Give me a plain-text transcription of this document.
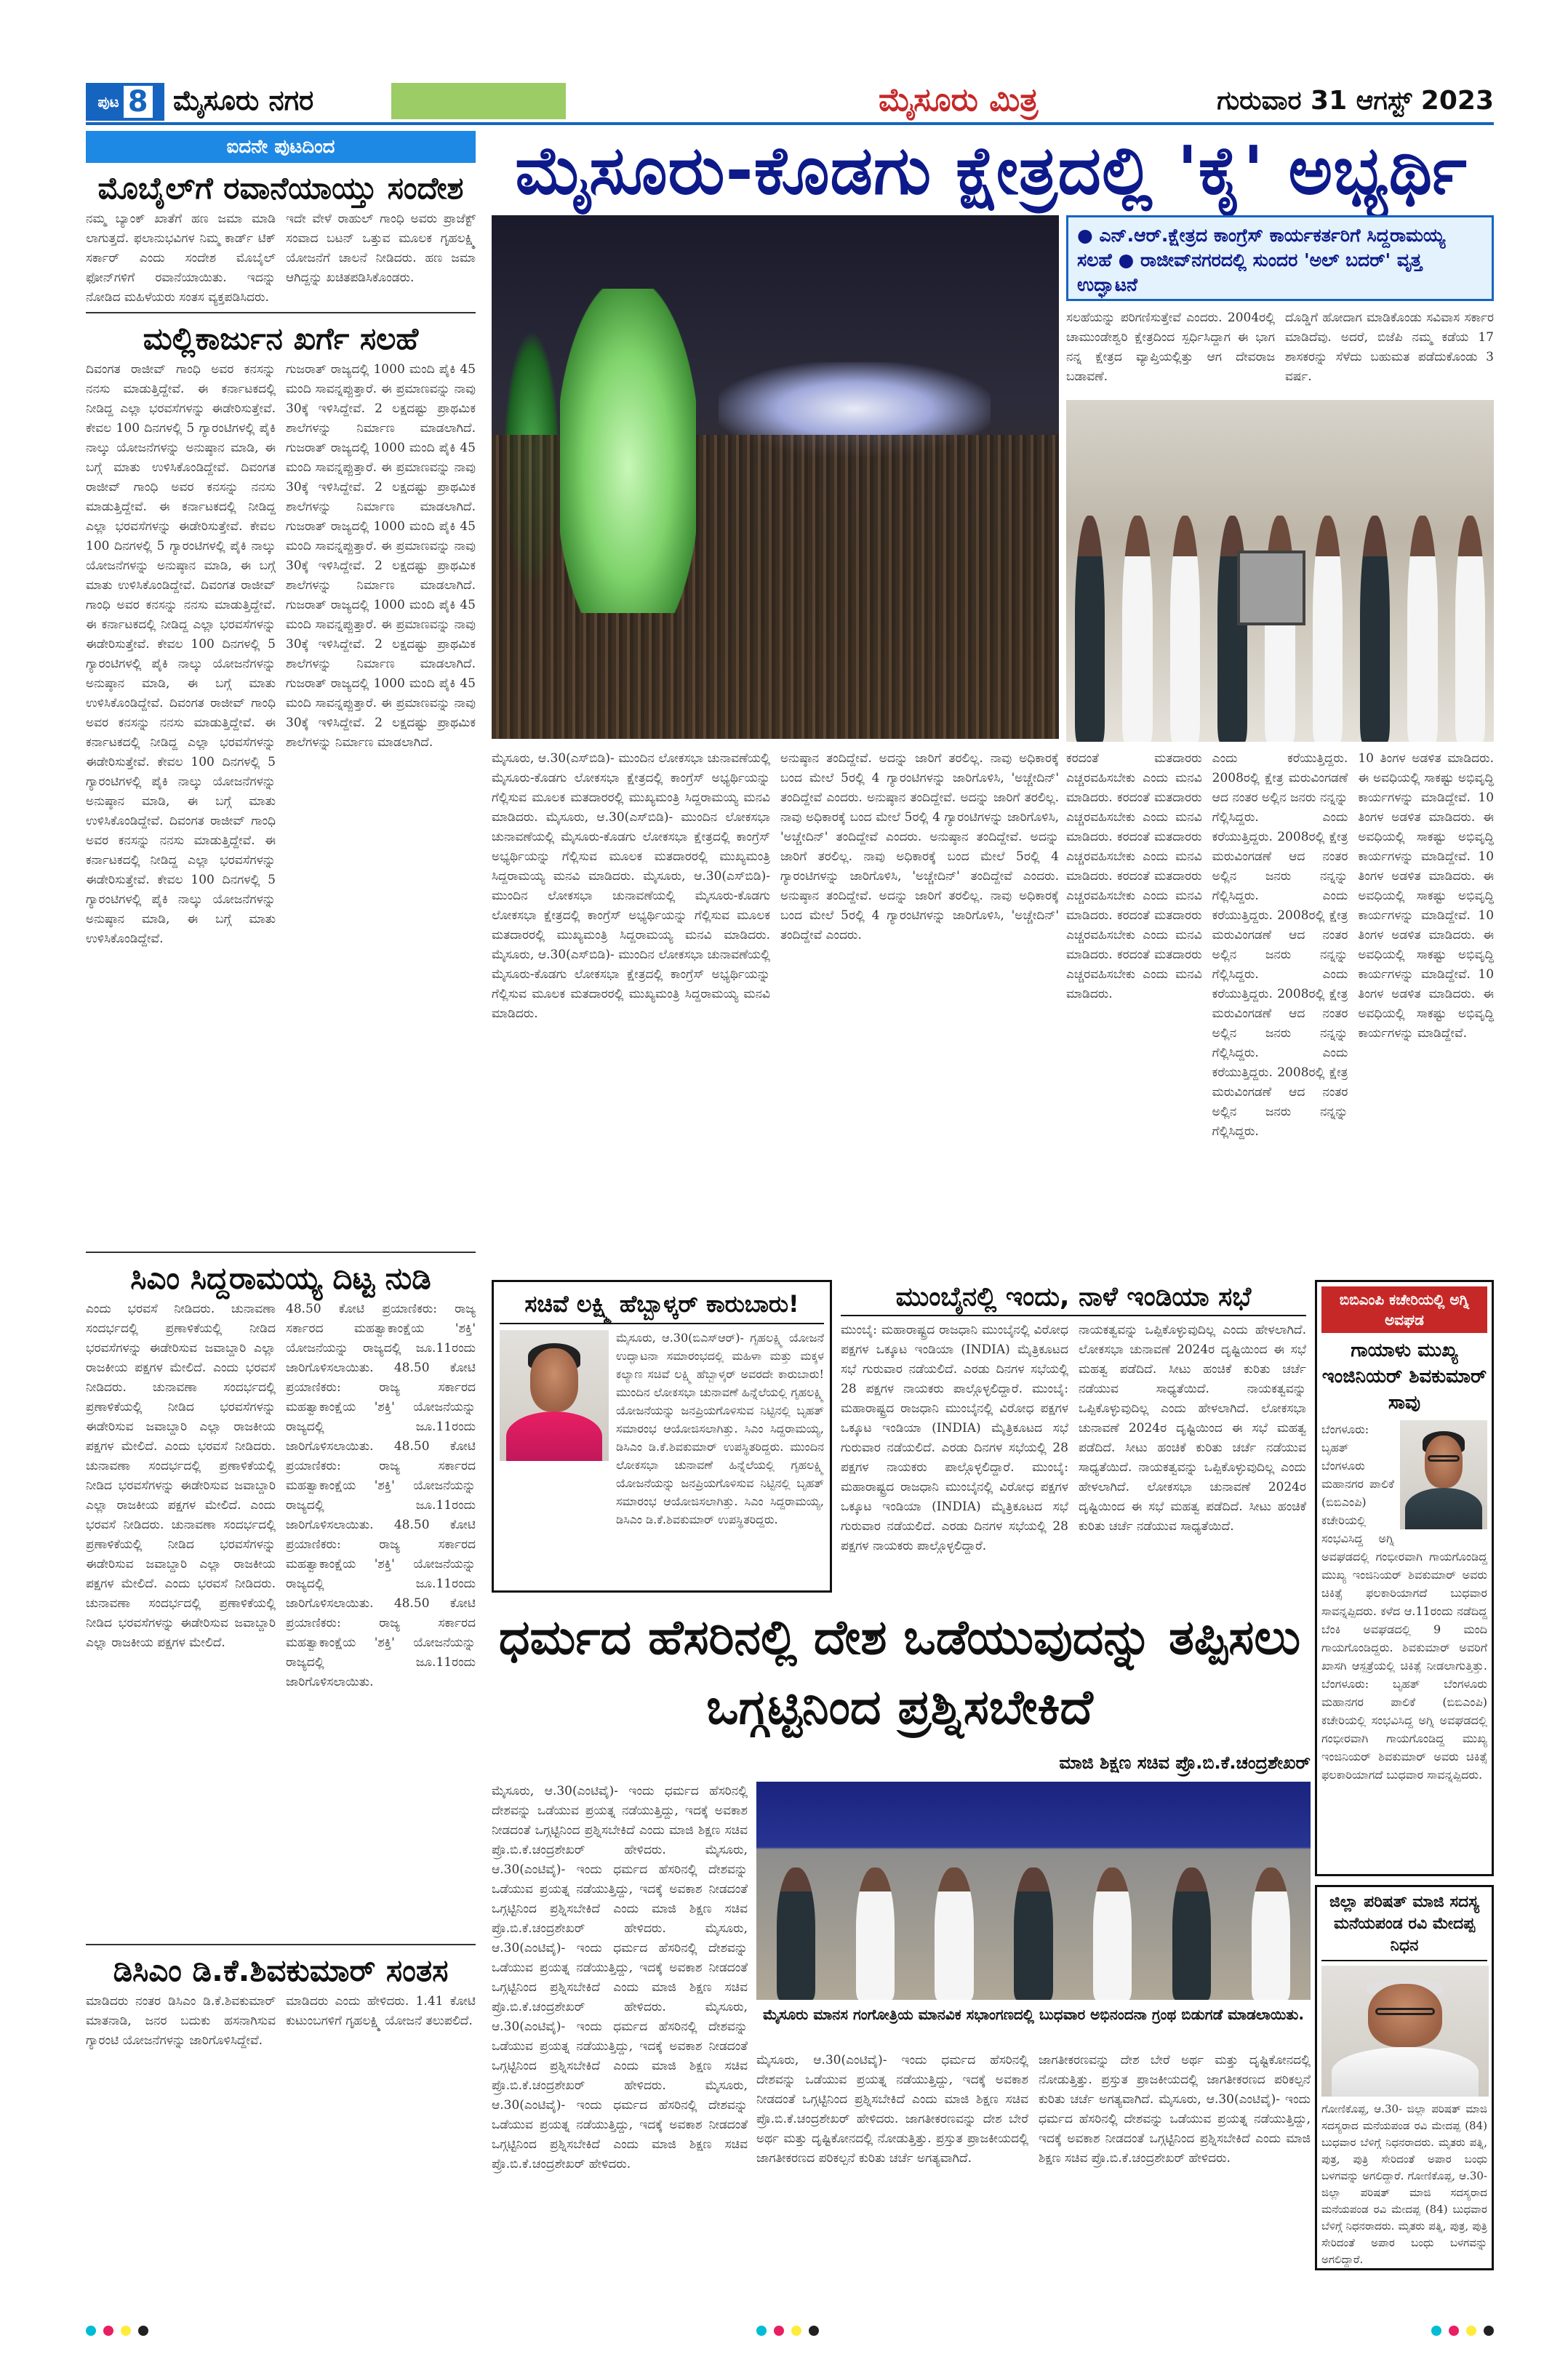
ಪುಟ 8 ಮೈಸೂರು ನಗರ	ಮೈಸೂರು ಮಿತ್ರ	ಗುರುವಾರ 31 ಆಗಸ್ಟ್ 2023
ಐದನೇ ಪುಟದಿಂದ
ಮೊಬೈಲ್‌ಗೆ ರವಾನೆಯಾಯ್ತು ಸಂದೇಶ
ನಮ್ಮ ಬ್ಯಾಂಕ್ ಖಾತೆಗೆ ಹಣ ಜಮಾ ಮಾಡಿ ಲಾಗುತ್ತದೆ. ಫಲಾನುಭವಿಗಳ ನಿಮ್ಮ ಕಾರ್ಡ್‌ ಟಿಕ್ ಸರ್ಕಾರ್ ಎಂದು ಸಂದೇಶ ಮೊಬೈಲ್ ಫೋನ್‌ಗಳಿಗೆ ರವಾನೆಯಾಯಿತು. ಇದನ್ನು ನೋಡಿದ ಮಹಿಳೆಯರು ಸಂತಸ ವ್ಯಕ್ತಪಡಿಸಿದರು.
ಇದೇ ವೇಳೆ ರಾಹುಲ್ ಗಾಂಧಿ ಅವರು ಪ್ರಾಜೆಕ್ಟ್ ಸಂವಾದ ಬಟನ್ ಒತ್ತುವ ಮೂಲಕ ಗೃಹಲಕ್ಷ್ಮಿ ಯೋಜನೆಗೆ ಚಾಲನೆ ನೀಡಿದರು. ಹಣ ಜಮಾ ಆಗಿದ್ದನ್ನು ಖಚಿತಪಡಿಸಿಕೊಂಡರು.
ಮಲ್ಲಿಕಾರ್ಜುನ ಖರ್ಗೆ ಸಲಹೆ
ದಿವಂಗತ ರಾಜೀವ್ ಗಾಂಧಿ ಅವರ ಕನಸನ್ನು ನನಸು ಮಾಡುತ್ತಿದ್ದೇವೆ. ಈ ಕರ್ನಾಟಕದಲ್ಲಿ ನೀಡಿದ್ದ ಎಲ್ಲಾ ಭರವಸೆಗಳನ್ನು ಈಡೇರಿಸುತ್ತೇವೆ. ಕೇವಲ 100 ದಿನಗಳಲ್ಲಿ 5 ಗ್ಯಾರಂಟಿಗಳಲ್ಲಿ ಪೈಕಿ ನಾಲ್ಕು ಯೋಜನೆಗಳನ್ನು ಅನುಷ್ಠಾನ ಮಾಡಿ, ಈ ಬಗ್ಗೆ ಮಾತು ಉಳಿಸಿಕೊಂಡಿದ್ದೇವೆ. ದಿವಂಗತ ರಾಜೀವ್ ಗಾಂಧಿ ಅವರ ಕನಸನ್ನು ನನಸು ಮಾಡುತ್ತಿದ್ದೇವೆ. ಈ ಕರ್ನಾಟಕದಲ್ಲಿ ನೀಡಿದ್ದ ಎಲ್ಲಾ ಭರವಸೆಗಳನ್ನು ಈಡೇರಿಸುತ್ತೇವೆ. ಕೇವಲ 100 ದಿನಗಳಲ್ಲಿ 5 ಗ್ಯಾರಂಟಿಗಳಲ್ಲಿ ಪೈಕಿ ನಾಲ್ಕು ಯೋಜನೆಗಳನ್ನು ಅನುಷ್ಠಾನ ಮಾಡಿ, ಈ ಬಗ್ಗೆ ಮಾತು ಉಳಿಸಿಕೊಂಡಿದ್ದೇವೆ. ದಿವಂಗತ ರಾಜೀವ್ ಗಾಂಧಿ ಅವರ ಕನಸನ್ನು ನನಸು ಮಾಡುತ್ತಿದ್ದೇವೆ. ಈ ಕರ್ನಾಟಕದಲ್ಲಿ ನೀಡಿದ್ದ ಎಲ್ಲಾ ಭರವಸೆಗಳನ್ನು ಈಡೇರಿಸುತ್ತೇವೆ. ಕೇವಲ 100 ದಿನಗಳಲ್ಲಿ 5 ಗ್ಯಾರಂಟಿಗಳಲ್ಲಿ ಪೈಕಿ ನಾಲ್ಕು ಯೋಜನೆಗಳನ್ನು ಅನುಷ್ಠಾನ ಮಾಡಿ, ಈ ಬಗ್ಗೆ ಮಾತು ಉಳಿಸಿಕೊಂಡಿದ್ದೇವೆ. ದಿವಂಗತ ರಾಜೀವ್ ಗಾಂಧಿ ಅವರ ಕನಸನ್ನು ನನಸು ಮಾಡುತ್ತಿದ್ದೇವೆ. ಈ ಕರ್ನಾಟಕದಲ್ಲಿ ನೀಡಿದ್ದ ಎಲ್ಲಾ ಭರವಸೆಗಳನ್ನು ಈಡೇರಿಸುತ್ತೇವೆ. ಕೇವಲ 100 ದಿನಗಳಲ್ಲಿ 5 ಗ್ಯಾರಂಟಿಗಳಲ್ಲಿ ಪೈಕಿ ನಾಲ್ಕು ಯೋಜನೆಗಳನ್ನು ಅನುಷ್ಠಾನ ಮಾಡಿ, ಈ ಬಗ್ಗೆ ಮಾತು ಉಳಿಸಿಕೊಂಡಿದ್ದೇವೆ. ದಿವಂಗತ ರಾಜೀವ್ ಗಾಂಧಿ ಅವರ ಕನಸನ್ನು ನನಸು ಮಾಡುತ್ತಿದ್ದೇವೆ. ಈ ಕರ್ನಾಟಕದಲ್ಲಿ ನೀಡಿದ್ದ ಎಲ್ಲಾ ಭರವಸೆಗಳನ್ನು ಈಡೇರಿಸುತ್ತೇವೆ. ಕೇವಲ 100 ದಿನಗಳಲ್ಲಿ 5 ಗ್ಯಾರಂಟಿಗಳಲ್ಲಿ ಪೈಕಿ ನಾಲ್ಕು ಯೋಜನೆಗಳನ್ನು ಅನುಷ್ಠಾನ ಮಾಡಿ, ಈ ಬಗ್ಗೆ ಮಾತು ಉಳಿಸಿಕೊಂಡಿದ್ದೇವೆ.
ಗುಜರಾತ್ ರಾಜ್ಯದಲ್ಲಿ 1000 ಮಂದಿ ಪೈಕಿ 45 ಮಂದಿ ಸಾವನ್ನಪ್ಪುತ್ತಾರೆ. ಈ ಪ್ರಮಾಣವನ್ನು ನಾವು 30ಕ್ಕೆ ಇಳಿಸಿದ್ದೇವೆ. 2 ಲಕ್ಷದಷ್ಟು ಪ್ರಾಥಮಿಕ ಶಾಲೆಗಳನ್ನು ನಿರ್ಮಾಣ ಮಾಡಲಾಗಿದೆ. ಗುಜರಾತ್ ರಾಜ್ಯದಲ್ಲಿ 1000 ಮಂದಿ ಪೈಕಿ 45 ಮಂದಿ ಸಾವನ್ನಪ್ಪುತ್ತಾರೆ. ಈ ಪ್ರಮಾಣವನ್ನು ನಾವು 30ಕ್ಕೆ ಇಳಿಸಿದ್ದೇವೆ. 2 ಲಕ್ಷದಷ್ಟು ಪ್ರಾಥಮಿಕ ಶಾಲೆಗಳನ್ನು ನಿರ್ಮಾಣ ಮಾಡಲಾಗಿದೆ. ಗುಜರಾತ್ ರಾಜ್ಯದಲ್ಲಿ 1000 ಮಂದಿ ಪೈಕಿ 45 ಮಂದಿ ಸಾವನ್ನಪ್ಪುತ್ತಾರೆ. ಈ ಪ್ರಮಾಣವನ್ನು ನಾವು 30ಕ್ಕೆ ಇಳಿಸಿದ್ದೇವೆ. 2 ಲಕ್ಷದಷ್ಟು ಪ್ರಾಥಮಿಕ ಶಾಲೆಗಳನ್ನು ನಿರ್ಮಾಣ ಮಾಡಲಾಗಿದೆ. ಗುಜರಾತ್ ರಾಜ್ಯದಲ್ಲಿ 1000 ಮಂದಿ ಪೈಕಿ 45 ಮಂದಿ ಸಾವನ್ನಪ್ಪುತ್ತಾರೆ. ಈ ಪ್ರಮಾಣವನ್ನು ನಾವು 30ಕ್ಕೆ ಇಳಿಸಿದ್ದೇವೆ. 2 ಲಕ್ಷದಷ್ಟು ಪ್ರಾಥಮಿಕ ಶಾಲೆಗಳನ್ನು ನಿರ್ಮಾಣ ಮಾಡಲಾಗಿದೆ. ಗುಜರಾತ್ ರಾಜ್ಯದಲ್ಲಿ 1000 ಮಂದಿ ಪೈಕಿ 45 ಮಂದಿ ಸಾವನ್ನಪ್ಪುತ್ತಾರೆ. ಈ ಪ್ರಮಾಣವನ್ನು ನಾವು 30ಕ್ಕೆ ಇಳಿಸಿದ್ದೇವೆ. 2 ಲಕ್ಷದಷ್ಟು ಪ್ರಾಥಮಿಕ ಶಾಲೆಗಳನ್ನು ನಿರ್ಮಾಣ ಮಾಡಲಾಗಿದೆ.
ಸಿಎಂ ಸಿದ್ದರಾಮಯ್ಯ ದಿಟ್ಟ ನುಡಿ
ಎಂದು ಭರವಸೆ ನೀಡಿದರು. ಚುನಾವಣಾ ಸಂದರ್ಭದಲ್ಲಿ ಪ್ರಣಾಳಿಕೆಯಲ್ಲಿ ನೀಡಿದ ಭರವಸೆಗಳನ್ನು ಈಡೇರಿಸುವ ಜವಾಬ್ದಾರಿ ಎಲ್ಲಾ ರಾಜಕೀಯ ಪಕ್ಷಗಳ ಮೇಲಿದೆ. ಎಂದು ಭರವಸೆ ನೀಡಿದರು. ಚುನಾವಣಾ ಸಂದರ್ಭದಲ್ಲಿ ಪ್ರಣಾಳಿಕೆಯಲ್ಲಿ ನೀಡಿದ ಭರವಸೆಗಳನ್ನು ಈಡೇರಿಸುವ ಜವಾಬ್ದಾರಿ ಎಲ್ಲಾ ರಾಜಕೀಯ ಪಕ್ಷಗಳ ಮೇಲಿದೆ. ಎಂದು ಭರವಸೆ ನೀಡಿದರು. ಚುನಾವಣಾ ಸಂದರ್ಭದಲ್ಲಿ ಪ್ರಣಾಳಿಕೆಯಲ್ಲಿ ನೀಡಿದ ಭರವಸೆಗಳನ್ನು ಈಡೇರಿಸುವ ಜವಾಬ್ದಾರಿ ಎಲ್ಲಾ ರಾಜಕೀಯ ಪಕ್ಷಗಳ ಮೇಲಿದೆ. ಎಂದು ಭರವಸೆ ನೀಡಿದರು. ಚುನಾವಣಾ ಸಂದರ್ಭದಲ್ಲಿ ಪ್ರಣಾಳಿಕೆಯಲ್ಲಿ ನೀಡಿದ ಭರವಸೆಗಳನ್ನು ಈಡೇರಿಸುವ ಜವಾಬ್ದಾರಿ ಎಲ್ಲಾ ರಾಜಕೀಯ ಪಕ್ಷಗಳ ಮೇಲಿದೆ. ಎಂದು ಭರವಸೆ ನೀಡಿದರು. ಚುನಾವಣಾ ಸಂದರ್ಭದಲ್ಲಿ ಪ್ರಣಾಳಿಕೆಯಲ್ಲಿ ನೀಡಿದ ಭರವಸೆಗಳನ್ನು ಈಡೇರಿಸುವ ಜವಾಬ್ದಾರಿ ಎಲ್ಲಾ ರಾಜಕೀಯ ಪಕ್ಷಗಳ ಮೇಲಿದೆ.
48.50 ಕೋಟಿ ಪ್ರಯಾಣಿಕರು: ರಾಜ್ಯ ಸರ್ಕಾರದ ಮಹತ್ವಾಕಾಂಕ್ಷೆಯ 'ಶಕ್ತಿ' ಯೋಜನೆಯನ್ನು ರಾಜ್ಯದಲ್ಲಿ ಜೂ.11ರಂದು ಜಾರಿಗೊಳಿಸಲಾಯಿತು. 48.50 ಕೋಟಿ ಪ್ರಯಾಣಿಕರು: ರಾಜ್ಯ ಸರ್ಕಾರದ ಮಹತ್ವಾಕಾಂಕ್ಷೆಯ 'ಶಕ್ತಿ' ಯೋಜನೆಯನ್ನು ರಾಜ್ಯದಲ್ಲಿ ಜೂ.11ರಂದು ಜಾರಿಗೊಳಿಸಲಾಯಿತು. 48.50 ಕೋಟಿ ಪ್ರಯಾಣಿಕರು: ರಾಜ್ಯ ಸರ್ಕಾರದ ಮಹತ್ವಾಕಾಂಕ್ಷೆಯ 'ಶಕ್ತಿ' ಯೋಜನೆಯನ್ನು ರಾಜ್ಯದಲ್ಲಿ ಜೂ.11ರಂದು ಜಾರಿಗೊಳಿಸಲಾಯಿತು. 48.50 ಕೋಟಿ ಪ್ರಯಾಣಿಕರು: ರಾಜ್ಯ ಸರ್ಕಾರದ ಮಹತ್ವಾಕಾಂಕ್ಷೆಯ 'ಶಕ್ತಿ' ಯೋಜನೆಯನ್ನು ರಾಜ್ಯದಲ್ಲಿ ಜೂ.11ರಂದು ಜಾರಿಗೊಳಿಸಲಾಯಿತು. 48.50 ಕೋಟಿ ಪ್ರಯಾಣಿಕರು: ರಾಜ್ಯ ಸರ್ಕಾರದ ಮಹತ್ವಾಕಾಂಕ್ಷೆಯ 'ಶಕ್ತಿ' ಯೋಜನೆಯನ್ನು ರಾಜ್ಯದಲ್ಲಿ ಜೂ.11ರಂದು ಜಾರಿಗೊಳಿಸಲಾಯಿತು.
ಡಿಸಿಎಂ ಡಿ.ಕೆ.ಶಿವಕುಮಾರ್ ಸಂತಸ
ಮಾಡಿದರು ನಂತರ ಡಿಸಿಎಂ ಡಿ.ಕೆ.ಶಿವಕುಮಾರ್ ಮಾತನಾಡಿ, ಜನರ ಬದುಕು ಹಸನಾಗಿಸುವ ಗ್ಯಾರಂಟಿ ಯೋಜನೆಗಳನ್ನು ಜಾರಿಗೊಳಿಸಿದ್ದೇವೆ.
ಮಾಡಿದರು ಎಂದು ಹೇಳಿದರು. 1.41 ಕೋಟಿ ಕುಟುಂಬಗಳಿಗೆ ಗೃಹಲಕ್ಷ್ಮಿ ಯೋಜನೆ ತಲುಪಲಿದೆ.
ಮೈಸೂರು-ಕೊಡಗು ಕ್ಷೇತ್ರದಲ್ಲಿ 'ಕೈ' ಅಭ್ಯರ್ಥಿ

● ಎನ್.ಆರ್.ಕ್ಷೇತ್ರದ ಕಾಂಗ್ರೆಸ್ ಕಾರ್ಯಕರ್ತರಿಗೆ ಸಿದ್ದರಾಮಯ್ಯ ಸಲಹೆ ● ರಾಜೀವ್‌ನಗರದಲ್ಲಿ ಸುಂದರ 'ಅಲ್ ಬದರ್' ವೃತ್ತ ಉದ್ಘಾಟನೆ

ಸಲಹೆಯನ್ನು ಪರಿಗಣಿಸುತ್ತೇವೆ ಎಂದರು. 2004ರಲ್ಲಿ ಚಾಮುಂಡೇಶ್ವರಿ ಕ್ಷೇತ್ರದಿಂದ ಸ್ಪರ್ಧಿಸಿದ್ದಾಗ ಈ ಭಾಗ ನನ್ನ ಕ್ಷೇತ್ರದ ವ್ಯಾಪ್ತಿಯಲ್ಲಿತ್ತು ಆಗ ದೇವರಾಜ ಬಡಾವಣೆ.
ದೊಡ್ಡಿಗೆ ಹೋದಾಗ ಮಾಡಿಕೊಂಡು ಸವಿವಾಸ ಸರ್ಕಾರ ಮಾಡಿದೆವು. ಅದರೆ, ಬಿಜೆಪಿ ನಮ್ಮ ಕಡೆಯ 17 ಶಾಸಕರನ್ನು ಸೆಳೆದು ಬಹುಮತ ಪಡೆದುಕೊಂಡು 3 ವರ್ಷ.
ಮೈಸೂರು, ಆ.30(ಎಸ್‌ಬಿಡಿ)- ಮುಂದಿನ ಲೋಕಸಭಾ ಚುನಾವಣೆಯಲ್ಲಿ ಮೈಸೂರು-ಕೊಡಗು ಲೋಕಸಭಾ ಕ್ಷೇತ್ರದಲ್ಲಿ ಕಾಂಗ್ರೆಸ್ ಅಭ್ಯರ್ಥಿಯನ್ನು ಗೆಲ್ಲಿಸುವ ಮೂಲಕ ಮತದಾರರಲ್ಲಿ ಮುಖ್ಯಮಂತ್ರಿ ಸಿದ್ದರಾಮಯ್ಯ ಮನವಿ ಮಾಡಿದರು. ಮೈಸೂರು, ಆ.30(ಎಸ್‌ಬಿಡಿ)- ಮುಂದಿನ ಲೋಕಸಭಾ ಚುನಾವಣೆಯಲ್ಲಿ ಮೈಸೂರು-ಕೊಡಗು ಲೋಕಸಭಾ ಕ್ಷೇತ್ರದಲ್ಲಿ ಕಾಂಗ್ರೆಸ್ ಅಭ್ಯರ್ಥಿಯನ್ನು ಗೆಲ್ಲಿಸುವ ಮೂಲಕ ಮತದಾರರಲ್ಲಿ ಮುಖ್ಯಮಂತ್ರಿ ಸಿದ್ದರಾಮಯ್ಯ ಮನವಿ ಮಾಡಿದರು. ಮೈಸೂರು, ಆ.30(ಎಸ್‌ಬಿಡಿ)- ಮುಂದಿನ ಲೋಕಸಭಾ ಚುನಾವಣೆಯಲ್ಲಿ ಮೈಸೂರು-ಕೊಡಗು ಲೋಕಸಭಾ ಕ್ಷೇತ್ರದಲ್ಲಿ ಕಾಂಗ್ರೆಸ್ ಅಭ್ಯರ್ಥಿಯನ್ನು ಗೆಲ್ಲಿಸುವ ಮೂಲಕ ಮತದಾರರಲ್ಲಿ ಮುಖ್ಯಮಂತ್ರಿ ಸಿದ್ದರಾಮಯ್ಯ ಮನವಿ ಮಾಡಿದರು. ಮೈಸೂರು, ಆ.30(ಎಸ್‌ಬಿಡಿ)- ಮುಂದಿನ ಲೋಕಸಭಾ ಚುನಾವಣೆಯಲ್ಲಿ ಮೈಸೂರು-ಕೊಡಗು ಲೋಕಸಭಾ ಕ್ಷೇತ್ರದಲ್ಲಿ ಕಾಂಗ್ರೆಸ್ ಅಭ್ಯರ್ಥಿಯನ್ನು ಗೆಲ್ಲಿಸುವ ಮೂಲಕ ಮತದಾರರಲ್ಲಿ ಮುಖ್ಯಮಂತ್ರಿ ಸಿದ್ದರಾಮಯ್ಯ ಮನವಿ ಮಾಡಿದರು.
ಅನುಷ್ಠಾನ ತಂದಿದ್ದೇವೆ. ಅದನ್ನು ಜಾರಿಗೆ ತರಲಿಲ್ಲ. ನಾವು ಅಧಿಕಾರಕ್ಕೆ ಬಂದ ಮೇಲೆ 5ರಲ್ಲಿ 4 ಗ್ಯಾರಂಟಿಗಳನ್ನು ಜಾರಿಗೊಳಿಸಿ, 'ಅಚ್ಚೇದಿನ್' ತಂದಿದ್ದೇವೆ ಎಂದರು. ಅನುಷ್ಠಾನ ತಂದಿದ್ದೇವೆ. ಅದನ್ನು ಜಾರಿಗೆ ತರಲಿಲ್ಲ. ನಾವು ಅಧಿಕಾರಕ್ಕೆ ಬಂದ ಮೇಲೆ 5ರಲ್ಲಿ 4 ಗ್ಯಾರಂಟಿಗಳನ್ನು ಜಾರಿಗೊಳಿಸಿ, 'ಅಚ್ಚೇದಿನ್' ತಂದಿದ್ದೇವೆ ಎಂದರು. ಅನುಷ್ಠಾನ ತಂದಿದ್ದೇವೆ. ಅದನ್ನು ಜಾರಿಗೆ ತರಲಿಲ್ಲ. ನಾವು ಅಧಿಕಾರಕ್ಕೆ ಬಂದ ಮೇಲೆ 5ರಲ್ಲಿ 4 ಗ್ಯಾರಂಟಿಗಳನ್ನು ಜಾರಿಗೊಳಿಸಿ, 'ಅಚ್ಚೇದಿನ್' ತಂದಿದ್ದೇವೆ ಎಂದರು. ಅನುಷ್ಠಾನ ತಂದಿದ್ದೇವೆ. ಅದನ್ನು ಜಾರಿಗೆ ತರಲಿಲ್ಲ. ನಾವು ಅಧಿಕಾರಕ್ಕೆ ಬಂದ ಮೇಲೆ 5ರಲ್ಲಿ 4 ಗ್ಯಾರಂಟಿಗಳನ್ನು ಜಾರಿಗೊಳಿಸಿ, 'ಅಚ್ಚೇದಿನ್' ತಂದಿದ್ದೇವೆ ಎಂದರು.
ಕರದಂತೆ ಮತದಾರರು ಎಚ್ಚರವಹಿಸಬೇಕು ಎಂದು ಮನವಿ ಮಾಡಿದರು. ಕರದಂತೆ ಮತದಾರರು ಎಚ್ಚರವಹಿಸಬೇಕು ಎಂದು ಮನವಿ ಮಾಡಿದರು. ಕರದಂತೆ ಮತದಾರರು ಎಚ್ಚರವಹಿಸಬೇಕು ಎಂದು ಮನವಿ ಮಾಡಿದರು. ಕರದಂತೆ ಮತದಾರರು ಎಚ್ಚರವಹಿಸಬೇಕು ಎಂದು ಮನವಿ ಮಾಡಿದರು. ಕರದಂತೆ ಮತದಾರರು ಎಚ್ಚರವಹಿಸಬೇಕು ಎಂದು ಮನವಿ ಮಾಡಿದರು. ಕರದಂತೆ ಮತದಾರರು ಎಚ್ಚರವಹಿಸಬೇಕು ಎಂದು ಮನವಿ ಮಾಡಿದರು.
ಎಂದು ಕರೆಯುತ್ತಿದ್ದರು. 2008ರಲ್ಲಿ ಕ್ಷೇತ್ರ ಮರುವಿಂಗಡಣೆ ಆದ ನಂತರ ಅಲ್ಲಿನ ಜನರು ನನ್ನನ್ನು ಗೆಲ್ಲಿಸಿದ್ದರು. ಎಂದು ಕರೆಯುತ್ತಿದ್ದರು. 2008ರಲ್ಲಿ ಕ್ಷೇತ್ರ ಮರುವಿಂಗಡಣೆ ಆದ ನಂತರ ಅಲ್ಲಿನ ಜನರು ನನ್ನನ್ನು ಗೆಲ್ಲಿಸಿದ್ದರು. ಎಂದು ಕರೆಯುತ್ತಿದ್ದರು. 2008ರಲ್ಲಿ ಕ್ಷೇತ್ರ ಮರುವಿಂಗಡಣೆ ಆದ ನಂತರ ಅಲ್ಲಿನ ಜನರು ನನ್ನನ್ನು ಗೆಲ್ಲಿಸಿದ್ದರು. ಎಂದು ಕರೆಯುತ್ತಿದ್ದರು. 2008ರಲ್ಲಿ ಕ್ಷೇತ್ರ ಮರುವಿಂಗಡಣೆ ಆದ ನಂತರ ಅಲ್ಲಿನ ಜನರು ನನ್ನನ್ನು ಗೆಲ್ಲಿಸಿದ್ದರು. ಎಂದು ಕರೆಯುತ್ತಿದ್ದರು. 2008ರಲ್ಲಿ ಕ್ಷೇತ್ರ ಮರುವಿಂಗಡಣೆ ಆದ ನಂತರ ಅಲ್ಲಿನ ಜನರು ನನ್ನನ್ನು ಗೆಲ್ಲಿಸಿದ್ದರು.
10 ತಿಂಗಳ ಅಡಳಿತ ಮಾಡಿದರು. ಈ ಅವಧಿಯಲ್ಲಿ ಸಾಕಷ್ಟು ಅಭಿವೃದ್ಧಿ ಕಾರ್ಯಗಳನ್ನು ಮಾಡಿದ್ದೇವೆ. 10 ತಿಂಗಳ ಅಡಳಿತ ಮಾಡಿದರು. ಈ ಅವಧಿಯಲ್ಲಿ ಸಾಕಷ್ಟು ಅಭಿವೃದ್ಧಿ ಕಾರ್ಯಗಳನ್ನು ಮಾಡಿದ್ದೇವೆ. 10 ತಿಂಗಳ ಅಡಳಿತ ಮಾಡಿದರು. ಈ ಅವಧಿಯಲ್ಲಿ ಸಾಕಷ್ಟು ಅಭಿವೃದ್ಧಿ ಕಾರ್ಯಗಳನ್ನು ಮಾಡಿದ್ದೇವೆ. 10 ತಿಂಗಳ ಅಡಳಿತ ಮಾಡಿದರು. ಈ ಅವಧಿಯಲ್ಲಿ ಸಾಕಷ್ಟು ಅಭಿವೃದ್ಧಿ ಕಾರ್ಯಗಳನ್ನು ಮಾಡಿದ್ದೇವೆ. 10 ತಿಂಗಳ ಅಡಳಿತ ಮಾಡಿದರು. ಈ ಅವಧಿಯಲ್ಲಿ ಸಾಕಷ್ಟು ಅಭಿವೃದ್ಧಿ ಕಾರ್ಯಗಳನ್ನು ಮಾಡಿದ್ದೇವೆ.
ಸಚಿವೆ ಲಕ್ಷ್ಮಿ ಹೆಬ್ಬಾಳ್ಕರ್ ಕಾರುಬಾರು!
ಮೈಸೂರು, ಆ.30(ಬಿಎಸ್‌ಆರ್)- ಗೃಹಲಕ್ಷ್ಮಿ ಯೋಜನೆ ಉದ್ಘಾಟನಾ ಸಮಾರಂಭದಲ್ಲಿ ಮಹಿಳಾ ಮತ್ತು ಮಕ್ಕಳ ಕಲ್ಯಾಣ ಸಚಿವೆ ಲಕ್ಷ್ಮಿ ಹೆಬ್ಬಾಳ್ಕರ್ ಅವರದೇ ಕಾರುಬಾರು! ಮುಂದಿನ ಲೋಕಸಭಾ ಚುನಾವಣೆ ಹಿನ್ನೆಲೆಯಲ್ಲಿ ಗೃಹಲಕ್ಷ್ಮಿ ಯೋಜನೆಯನ್ನು ಜನಪ್ರಿಯಗೊಳಿಸುವ ನಿಟ್ಟಿನಲ್ಲಿ ಬೃಹತ್ ಸಮಾರಂಭ ಆಯೋಜಿಸಲಾಗಿತ್ತು. ಸಿಎಂ ಸಿದ್ದರಾಮಯ್ಯ, ಡಿಸಿಎಂ ಡಿ.ಕೆ.ಶಿವಕುಮಾರ್ ಉಪಸ್ಥಿತರಿದ್ದರು. ಮುಂದಿನ ಲೋಕಸಭಾ ಚುನಾವಣೆ ಹಿನ್ನೆಲೆಯಲ್ಲಿ ಗೃಹಲಕ್ಷ್ಮಿ ಯೋಜನೆಯನ್ನು ಜನಪ್ರಿಯಗೊಳಿಸುವ ನಿಟ್ಟಿನಲ್ಲಿ ಬೃಹತ್ ಸಮಾರಂಭ ಆಯೋಜಿಸಲಾಗಿತ್ತು. ಸಿಎಂ ಸಿದ್ದರಾಮಯ್ಯ, ಡಿಸಿಎಂ ಡಿ.ಕೆ.ಶಿವಕುಮಾರ್ ಉಪಸ್ಥಿತರಿದ್ದರು.
ಮುಂಬೈನಲ್ಲಿ ಇಂದು, ನಾಳೆ ಇಂಡಿಯಾ ಸಭೆ
ಮುಂಬೈ: ಮಹಾರಾಷ್ಟ್ರದ ರಾಜಧಾನಿ ಮುಂಬೈನಲ್ಲಿ ವಿರೋಧ ಪಕ್ಷಗಳ ಒಕ್ಕೂಟ ಇಂಡಿಯಾ (INDIA) ಮೈತ್ರಿಕೂಟದ ಸಭೆ ಗುರುವಾರ ನಡೆಯಲಿದೆ. ಎರಡು ದಿನಗಳ ಸಭೆಯಲ್ಲಿ 28 ಪಕ್ಷಗಳ ನಾಯಕರು ಪಾಲ್ಗೊಳ್ಳಲಿದ್ದಾರೆ. ಮುಂಬೈ: ಮಹಾರಾಷ್ಟ್ರದ ರಾಜಧಾನಿ ಮುಂಬೈನಲ್ಲಿ ವಿರೋಧ ಪಕ್ಷಗಳ ಒಕ್ಕೂಟ ಇಂಡಿಯಾ (INDIA) ಮೈತ್ರಿಕೂಟದ ಸಭೆ ಗುರುವಾರ ನಡೆಯಲಿದೆ. ಎರಡು ದಿನಗಳ ಸಭೆಯಲ್ಲಿ 28 ಪಕ್ಷಗಳ ನಾಯಕರು ಪಾಲ್ಗೊಳ್ಳಲಿದ್ದಾರೆ. ಮುಂಬೈ: ಮಹಾರಾಷ್ಟ್ರದ ರಾಜಧಾನಿ ಮುಂಬೈನಲ್ಲಿ ವಿರೋಧ ಪಕ್ಷಗಳ ಒಕ್ಕೂಟ ಇಂಡಿಯಾ (INDIA) ಮೈತ್ರಿಕೂಟದ ಸಭೆ ಗುರುವಾರ ನಡೆಯಲಿದೆ. ಎರಡು ದಿನಗಳ ಸಭೆಯಲ್ಲಿ 28 ಪಕ್ಷಗಳ ನಾಯಕರು ಪಾಲ್ಗೊಳ್ಳಲಿದ್ದಾರೆ.
ನಾಯಕತ್ವವನ್ನು ಒಪ್ಪಿಕೊಳ್ಳುವುದಿಲ್ಲ ಎಂದು ಹೇಳಲಾಗಿದೆ. ಲೋಕಸಭಾ ಚುನಾವಣೆ 2024ರ ದೃಷ್ಟಿಯಿಂದ ಈ ಸಭೆ ಮಹತ್ವ ಪಡೆದಿದೆ. ಸೀಟು ಹಂಚಿಕೆ ಕುರಿತು ಚರ್ಚೆ ನಡೆಯುವ ಸಾಧ್ಯತೆಯಿದೆ. ನಾಯಕತ್ವವನ್ನು ಒಪ್ಪಿಕೊಳ್ಳುವುದಿಲ್ಲ ಎಂದು ಹೇಳಲಾಗಿದೆ. ಲೋಕಸಭಾ ಚುನಾವಣೆ 2024ರ ದೃಷ್ಟಿಯಿಂದ ಈ ಸಭೆ ಮಹತ್ವ ಪಡೆದಿದೆ. ಸೀಟು ಹಂಚಿಕೆ ಕುರಿತು ಚರ್ಚೆ ನಡೆಯುವ ಸಾಧ್ಯತೆಯಿದೆ. ನಾಯಕತ್ವವನ್ನು ಒಪ್ಪಿಕೊಳ್ಳುವುದಿಲ್ಲ ಎಂದು ಹೇಳಲಾಗಿದೆ. ಲೋಕಸಭಾ ಚುನಾವಣೆ 2024ರ ದೃಷ್ಟಿಯಿಂದ ಈ ಸಭೆ ಮಹತ್ವ ಪಡೆದಿದೆ. ಸೀಟು ಹಂಚಿಕೆ ಕುರಿತು ಚರ್ಚೆ ನಡೆಯುವ ಸಾಧ್ಯತೆಯಿದೆ.
ಬಿಬಿಎಂಪಿ ಕಚೇರಿಯಲ್ಲಿ ಅಗ್ನಿ ಅವಘಡ
ಗಾಯಾಳು ಮುಖ್ಯ ಇಂಜಿನಿಯರ್ ಶಿವಕುಮಾರ್ ಸಾವು
ಬೆಂಗಳೂರು: ಬೃಹತ್ ಬೆಂಗಳೂರು ಮಹಾನಗರ ಪಾಲಿಕೆ (ಬಿಬಿಎಂಪಿ) ಕಚೇರಿಯಲ್ಲಿ ಸಂಭವಿಸಿದ್ದ ಅಗ್ನಿ ಅವಘಡದಲ್ಲಿ ಗಂಭೀರವಾಗಿ ಗಾಯಗೊಂಡಿದ್ದ ಮುಖ್ಯ ಇಂಜಿನಿಯರ್ ಶಿವಕುಮಾರ್ ಅವರು ಚಿಕಿತ್ಸೆ ಫಲಕಾರಿಯಾಗದೆ ಬುಧವಾರ ಸಾವನ್ನಪ್ಪಿದರು. ಕಳೆದ ಆ.11ರಂದು ನಡೆದಿದ್ದ ಬೆಂಕಿ ಅವಘಡದಲ್ಲಿ 9 ಮಂದಿ ಗಾಯಗೊಂಡಿದ್ದರು. ಶಿವಕುಮಾರ್ ಅವರಿಗೆ ಖಾಸಗಿ ಆಸ್ಪತ್ರೆಯಲ್ಲಿ ಚಿಕಿತ್ಸೆ ನೀಡಲಾಗುತ್ತಿತ್ತು. ಬೆಂಗಳೂರು: ಬೃಹತ್ ಬೆಂಗಳೂರು ಮಹಾನಗರ ಪಾಲಿಕೆ (ಬಿಬಿಎಂಪಿ) ಕಚೇರಿಯಲ್ಲಿ ಸಂಭವಿಸಿದ್ದ ಅಗ್ನಿ ಅವಘಡದಲ್ಲಿ ಗಂಭೀರವಾಗಿ ಗಾಯಗೊಂಡಿದ್ದ ಮುಖ್ಯ ಇಂಜಿನಿಯರ್ ಶಿವಕುಮಾರ್ ಅವರು ಚಿಕಿತ್ಸೆ ಫಲಕಾರಿಯಾಗದೆ ಬುಧವಾರ ಸಾವನ್ನಪ್ಪಿದರು.
ಜಿಲ್ಲಾ ಪರಿಷತ್ ಮಾಜಿ ಸದಸ್ಯ ಮನೆಯಪಂಡ ರವಿ ಮೇದಪ್ಪ ನಿಧನ
ಗೋಣಿಕೊಪ್ಪ, ಆ.30- ಜಿಲ್ಲಾ ಪರಿಷತ್ ಮಾಜಿ ಸದಸ್ಯರಾದ ಮನೆಯಪಂಡ ರವಿ ಮೇದಪ್ಪ (84) ಬುಧವಾರ ಬೆಳಿಗ್ಗೆ ನಿಧನರಾದರು. ಮೃತರು ಪತ್ನಿ, ಪುತ್ರ, ಪುತ್ರಿ ಸೇರಿದಂತೆ ಅಪಾರ ಬಂಧು ಬಳಗವನ್ನು ಅಗಲಿದ್ದಾರೆ. ಗೋಣಿಕೊಪ್ಪ, ಆ.30- ಜಿಲ್ಲಾ ಪರಿಷತ್ ಮಾಜಿ ಸದಸ್ಯರಾದ ಮನೆಯಪಂಡ ರವಿ ಮೇದಪ್ಪ (84) ಬುಧವಾರ ಬೆಳಿಗ್ಗೆ ನಿಧನರಾದರು. ಮೃತರು ಪತ್ನಿ, ಪುತ್ರ, ಪುತ್ರಿ ಸೇರಿದಂತೆ ಅಪಾರ ಬಂಧು ಬಳಗವನ್ನು ಅಗಲಿದ್ದಾರೆ.
ಧರ್ಮದ ಹೆಸರಿನಲ್ಲಿ ದೇಶ ಒಡೆಯುವುದನ್ನು ತಪ್ಪಿಸಲು ಒಗ್ಗಟ್ಟಿನಿಂದ ಪ್ರಶ್ನಿಸಬೇಕಿದೆ
ಮಾಜಿ ಶಿಕ್ಷಣ ಸಚಿವ ಪ್ರೊ.ಬಿ.ಕೆ.ಚಂದ್ರಶೇಖರ್
ಮೈಸೂರು ಮಾನಸ ಗಂಗೋತ್ರಿಯ ಮಾನವಿಕ ಸಭಾಂಗಣದಲ್ಲಿ ಬುಧವಾರ ಅಭಿನಂದನಾ ಗ್ರಂಥ ಬಿಡುಗಡೆ ಮಾಡಲಾಯಿತು.
ಮೈಸೂರು, ಆ.30(ಎಂಟಿವೈ)- ಇಂದು ಧರ್ಮದ ಹೆಸರಿನಲ್ಲಿ ದೇಶವನ್ನು ಒಡೆಯುವ ಪ್ರಯತ್ನ ನಡೆಯುತ್ತಿದ್ದು, ಇದಕ್ಕೆ ಅವಕಾಶ ನೀಡದಂತೆ ಒಗ್ಗಟ್ಟಿನಿಂದ ಪ್ರಶ್ನಿಸಬೇಕಿದೆ ಎಂದು ಮಾಜಿ ಶಿಕ್ಷಣ ಸಚಿವ ಪ್ರೊ.ಬಿ.ಕೆ.ಚಂದ್ರಶೇಖರ್ ಹೇಳಿದರು. ಮೈಸೂರು, ಆ.30(ಎಂಟಿವೈ)- ಇಂದು ಧರ್ಮದ ಹೆಸರಿನಲ್ಲಿ ದೇಶವನ್ನು ಒಡೆಯುವ ಪ್ರಯತ್ನ ನಡೆಯುತ್ತಿದ್ದು, ಇದಕ್ಕೆ ಅವಕಾಶ ನೀಡದಂತೆ ಒಗ್ಗಟ್ಟಿನಿಂದ ಪ್ರಶ್ನಿಸಬೇಕಿದೆ ಎಂದು ಮಾಜಿ ಶಿಕ್ಷಣ ಸಚಿವ ಪ್ರೊ.ಬಿ.ಕೆ.ಚಂದ್ರಶೇಖರ್ ಹೇಳಿದರು. ಮೈಸೂರು, ಆ.30(ಎಂಟಿವೈ)- ಇಂದು ಧರ್ಮದ ಹೆಸರಿನಲ್ಲಿ ದೇಶವನ್ನು ಒಡೆಯುವ ಪ್ರಯತ್ನ ನಡೆಯುತ್ತಿದ್ದು, ಇದಕ್ಕೆ ಅವಕಾಶ ನೀಡದಂತೆ ಒಗ್ಗಟ್ಟಿನಿಂದ ಪ್ರಶ್ನಿಸಬೇಕಿದೆ ಎಂದು ಮಾಜಿ ಶಿಕ್ಷಣ ಸಚಿವ ಪ್ರೊ.ಬಿ.ಕೆ.ಚಂದ್ರಶೇಖರ್ ಹೇಳಿದರು. ಮೈಸೂರು, ಆ.30(ಎಂಟಿವೈ)- ಇಂದು ಧರ್ಮದ ಹೆಸರಿನಲ್ಲಿ ದೇಶವನ್ನು ಒಡೆಯುವ ಪ್ರಯತ್ನ ನಡೆಯುತ್ತಿದ್ದು, ಇದಕ್ಕೆ ಅವಕಾಶ ನೀಡದಂತೆ ಒಗ್ಗಟ್ಟಿನಿಂದ ಪ್ರಶ್ನಿಸಬೇಕಿದೆ ಎಂದು ಮಾಜಿ ಶಿಕ್ಷಣ ಸಚಿವ ಪ್ರೊ.ಬಿ.ಕೆ.ಚಂದ್ರಶೇಖರ್ ಹೇಳಿದರು. ಮೈಸೂರು, ಆ.30(ಎಂಟಿವೈ)- ಇಂದು ಧರ್ಮದ ಹೆಸರಿನಲ್ಲಿ ದೇಶವನ್ನು ಒಡೆಯುವ ಪ್ರಯತ್ನ ನಡೆಯುತ್ತಿದ್ದು, ಇದಕ್ಕೆ ಅವಕಾಶ ನೀಡದಂತೆ ಒಗ್ಗಟ್ಟಿನಿಂದ ಪ್ರಶ್ನಿಸಬೇಕಿದೆ ಎಂದು ಮಾಜಿ ಶಿಕ್ಷಣ ಸಚಿವ ಪ್ರೊ.ಬಿ.ಕೆ.ಚಂದ್ರಶೇಖರ್ ಹೇಳಿದರು.
ಮೈಸೂರು, ಆ.30(ಎಂಟಿವೈ)- ಇಂದು ಧರ್ಮದ ಹೆಸರಿನಲ್ಲಿ ದೇಶವನ್ನು ಒಡೆಯುವ ಪ್ರಯತ್ನ ನಡೆಯುತ್ತಿದ್ದು, ಇದಕ್ಕೆ ಅವಕಾಶ ನೀಡದಂತೆ ಒಗ್ಗಟ್ಟಿನಿಂದ ಪ್ರಶ್ನಿಸಬೇಕಿದೆ ಎಂದು ಮಾಜಿ ಶಿಕ್ಷಣ ಸಚಿವ ಪ್ರೊ.ಬಿ.ಕೆ.ಚಂದ್ರಶೇಖರ್ ಹೇಳಿದರು. ಜಾಗತೀಕರಣವನ್ನು ದೇಶ ಬೇರೆ ಅರ್ಥ ಮತ್ತು ದೃಷ್ಟಿಕೋನದಲ್ಲಿ ನೋಡುತ್ತಿತ್ತು. ಪ್ರಸ್ತುತ ಪ್ರಾಜಕೀಯದಲ್ಲಿ ಜಾಗತೀಕರಣದ ಪರಿಕಲ್ಪನೆ ಕುರಿತು ಚರ್ಚೆ ಅಗತ್ಯವಾಗಿದೆ.
ಜಾಗತೀಕರಣವನ್ನು ದೇಶ ಬೇರೆ ಅರ್ಥ ಮತ್ತು ದೃಷ್ಟಿಕೋನದಲ್ಲಿ ನೋಡುತ್ತಿತ್ತು. ಪ್ರಸ್ತುತ ಪ್ರಾಜಕೀಯದಲ್ಲಿ ಜಾಗತೀಕರಣದ ಪರಿಕಲ್ಪನೆ ಕುರಿತು ಚರ್ಚೆ ಅಗತ್ಯವಾಗಿದೆ. ಮೈಸೂರು, ಆ.30(ಎಂಟಿವೈ)- ಇಂದು ಧರ್ಮದ ಹೆಸರಿನಲ್ಲಿ ದೇಶವನ್ನು ಒಡೆಯುವ ಪ್ರಯತ್ನ ನಡೆಯುತ್ತಿದ್ದು, ಇದಕ್ಕೆ ಅವಕಾಶ ನೀಡದಂತೆ ಒಗ್ಗಟ್ಟಿನಿಂದ ಪ್ರಶ್ನಿಸಬೇಕಿದೆ ಎಂದು ಮಾಜಿ ಶಿಕ್ಷಣ ಸಚಿವ ಪ್ರೊ.ಬಿ.ಕೆ.ಚಂದ್ರಶೇಖರ್ ಹೇಳಿದರು.
